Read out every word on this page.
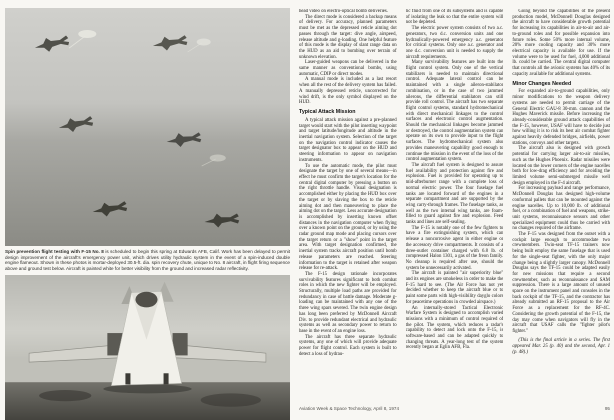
Spin prevention flight testing with F-15 No. 8 is scheduled to begin this spring at Edwards AFB, Calif. Work has been delayed to permit design improvement of the aircraft's emergency power unit, which drives utility hydraulic system in the event of a spin-induced double engine flameout. Shown in these photos is mortar-deployed 30.5-ft. dia. spin recovery chute, unique to No. 8 aircraft, in flight firing sequence above and ground test below. Aircraft is painted white for better visibility from the ground and increased radar reflectivity.

head video on electro-optical bomb deliveries.

The direct mode is considered a backup means of delivery. For accuracy, planned parameters must be met as the depressed reticle aiming dot passes through the target: dive angle, airspeed, release altitude and g-loading. One helpful feature of this mode is the display of slant range data on the HUD as an aid to bombing over terrain of unknown elevation.

Laser-guided weapons can be delivered in the same manner as conventional bombs, using automatic, CDIP or direct modes.

A manual mode is included as a last resort when all the rest of the delivery system has failed. A manually depressed reticle, uncorrected for wind drift, is the only symbol displayed on the HUD.

Typical Attack Mission

A typical attack mission against a pre-planned target would start with the pilot inserting waypoint and target latitude/longitude and altitude in the inertial navigation system. Selection of the target on the navigation control indicator causes the target designator box to appear on the HUD and steering information to appear on navigation instruments.

To use the automatic mode, the pilot must designate the target by one of several means—in effect he must confirm the target's location for the central digital computer by pressing a button on the right throttle handle. Visual designation is accomplished either by placing the HUD box over the target or by slaving the box to the reticle aiming dot and then maneuvering to place the aiming dot on the target. Less accurate designation is accomplished by inserting known offset distances in the navigation computer when flying over a known point on the ground, or by using the radar ground map mode and placing cursors over the target return or a "show" point in the target area. With target designation confirmed, the inertial system tracks aircraft position until bomb release parameters are reached. Steering information to the target is retained after weapon release for re-attack.

The F-15 design rationale incorporates survivability features significant to both combat roles in which the new fighter will be employed. Structurally, multiple load paths are provided for redundancy in case of battle damage. Moderate g-loading can be maintained with any one of the three wing spars severed. The twin engine design has long been preferred by McDonnell Aircraft Div. to provide redundant electrical and hydraulic systems as well as secondary power to return to base in the event of an engine loss.

The aircraft has three separate hydraulic systems, any one of which will provide adequate power for flight control. Each system is built to detect a loss of hydrau-

lic fluid from one of its subsystems and is capable of isolating the leak so that the entire system will not be depleted.

The electric power system consists of two a.c. generators, two d.c. conversion units and one hydraulically-powered emergency a.c. generator for critical systems. Only one a.c. generator and one d.c. conversion unit is needed to supply the aircraft requirements.

Many survivability features are built into the flight control system. Only one of the vertical stabilizers is needed to maintain directional control. Adequate lateral control can be maintained with a single aileron-stabilator combination, or in the case of two jammed ailerons, the differential stabilators can still provide roll control. The aircraft has two separate flight control systems, standard hydromechanical with direct mechanical linkages to the control surfaces and electronic control augmentation. Should the mechanical linkages become jammed or destroyed, the control augmentation system can operate on its own to provide input to the flight surfaces. The hydromechanical system also provides maneuvering capability good enough to continue the mission in the event of the loss of the control augmentation system.

The aircraft fuel system is designed to assure fuel availability and protection against fire and explosion. Fuel is provided for operating up to mid-afterburner range with a complete loss of normal electric power. The four fuselage fuel tanks are located forward of the engines in a separate compartment and are supported by the wing carry-through frames. The fuselage tanks, as well as the two internal wing tanks, are foam-filled to guard against fire and explosion. Feed tanks and lines are self-sealing.

The F-15 is notably one of the few fighters to have a fire extinguishing system, which can release a noncorrosive agent in either engine or the accessory drive compartments. It consists of a three-outlet container charged with 6.8 lb. of compressed Halon 1301, a gas of the freon family. No cleanup is required after use, should the system be unnecessarily activated.

The aircraft is painted "air superiority blue" and its engines are smokeless in order to make the F-15 hard to see. (The Air Force has not yet decided whether to keep the aircraft blue or to paint some parts with high-visibility dayglo colors for peacetime operations in crowded airspace.)

An internally-stored Tactical Electronic Warfare System is designed to accomplish varied missions with a minimum of control required of the pilot. The system, which reduces a radar's capability to detect and lock onto the F-15, is software-based and can be adapted quickly to changing threats. A year-long test of the system recently began at Eglin AFB, Fla.

Going beyond the capabilities of the present production model, McDonnell Douglas designed the aircraft to have considerable growth potential for increasing its capabilities in air-to-air and air-to-ground roles and for possible expansion into future roles. Some 50% more internal volume, 20% more cooling capacity and 30% more electrical capacity is available for use. If the volume were to be used for fuel, 4,000 additional lb. could be carried. The central digital computer that controls all the avionic systems has 40% of its capacity available for additional systems.

Minor Changes Needed

For expanded air-to-ground capabilities, only minor modifications to the weapon delivery systems are needed to permit carriage of the General Electric GAU-8 30-mm. cannon and the Hughes Maverick missile. Before increasing the already-considerable ground attack capabilities of the F-15, however, USAF will have to decide just how willing it is to risk its best air combat fighter against heavily defended bridges, airfields, power stations, convoys and other targets.

The aircraft also is designed with growth potential for carrying larger air-to-air missiles, such as the Hughes Phoenix. Radar missiles were located on the lower corners of the engine nacelles both for low-drag efficiency and for avoiding the limited volume semi-submerged missile well design employed in the F-4 aircraft.

For increasing payload and range performance, McDonnell Douglas has designed high-volume conformal pallets that can be mounted against the engine nacelles. Up to 10,000 lb. of additional fuel, or a combination of fuel and weapons, strike-unit systems, reconnaissance sensors and other specialized equipment could thus be carried with no changes required of the airframe.

The F-15 was designed from the outset with a cockpit large enough to accommodate two crewmembers. Twin-seat TF-15 trainers now being built employ the same fuselage that is used for the single-seat fighter, with the only major change being a slightly larger canopy. McDonnell Douglas says the TF-15 could be adapted easily for new missions that require a second crewmember, such as reconnaissance and SAM suppression. There is a large amount of unused space on the instrument panel and consoles in the back cockpit of the TF-15, and the contractor has already submitted an RF-15 proposal to the Air Force as a replacement for the RF-4C. Considering the growth potential of the F-15, the day may come when navigators will fly in the aircraft that USAF calls the "fighter pilot's fighter."

(This is the final article in a series. The first appeared Mar. 25 (p. 40) and the second, Apr. 1 (p. 48).)

Aviation Week & Space Technology, April 8, 1974	95
